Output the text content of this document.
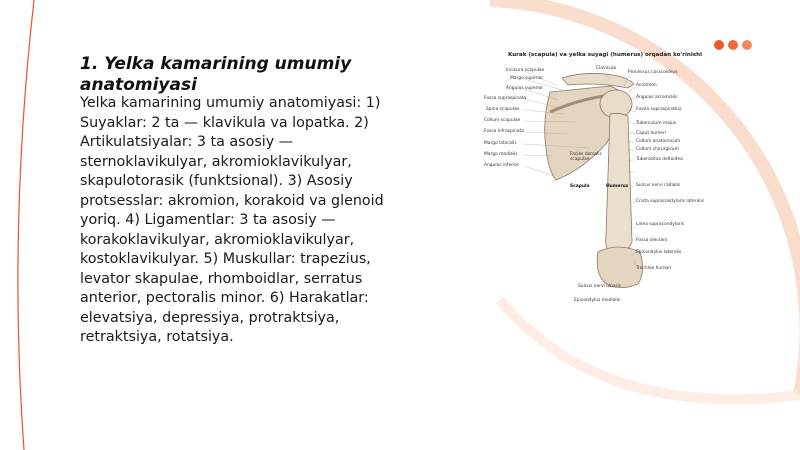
1. Yelka kamarining umumiy anatomiyasi
Yelka kamarining umumiy anatomiyasi: 1) Suyaklar: 2 ta — klavikula va lopatka. 2) Artikulatsiyalar: 3 ta asosiy — sternoklavikulyar, akromioklavikulyar, skapulotorasik (funktsional). 3) Asosiy protsesslar: akromion, korakoid va glenoid yoriq. 4) Ligamentlar: 3 ta asosiy — korakoklavikulyar, akromioklavikulyar, kostoklavikulyar. 5) Muskullar: trapezius, levator skapulae, rhomboidlar, serratus anterior, pectoralis minor. 6) Harakatlar: elevatsiya, depressiya, protraktsiya, retraktsiya, rotatsiya.
Kurak (scapula) va yelka suyagi (humerus) orqadan ko'rinishi
Incisura scapulae
Margo superior
Angulus superior
Fossa supraspinata
Spina scapulae
Collum scapulae
Fossa infraspinata
Margo lateralis
Margo medialis
Angulus inferior
Clavicula
Processus coracoideus
Acromion
Angulus acromialis
Fovea supraspinatus
Tuberculum majus
Caput humeri
Collum anatomicum
Collum chirurgicum
Tuberositas deltoidea
Sulcus nervi radialis
Crista supracondylaris lateralis
Linea supracondylaris
Fossa olecrani
Epicondylus lateralis
Trochlea humeri
Sulcus nervi ulnaris
Epicondylus medialis
Scapula	Humerus
Facies dorsalis scapulae
